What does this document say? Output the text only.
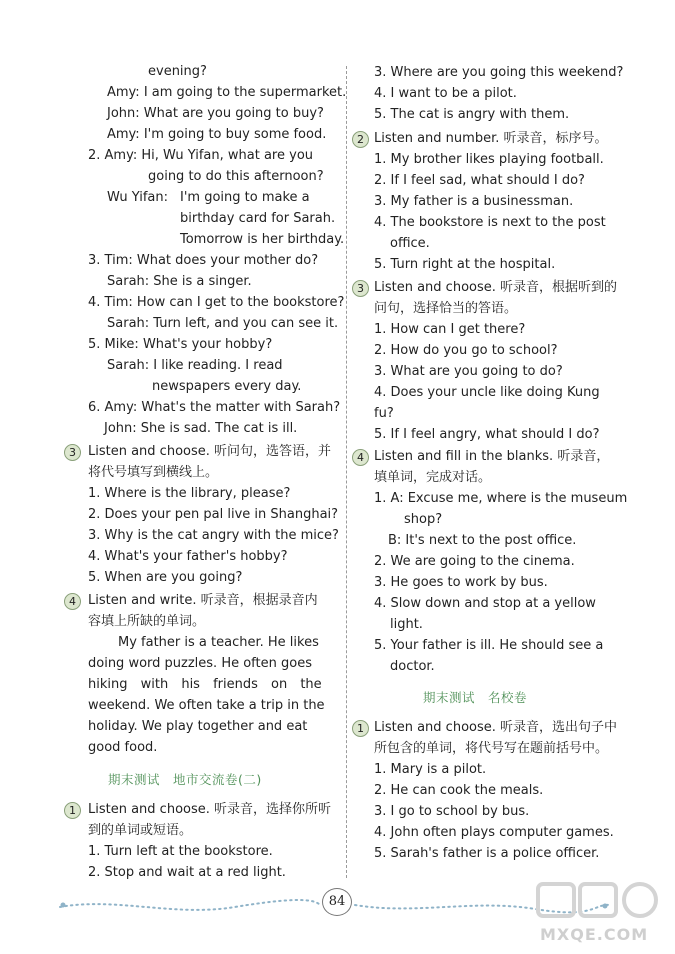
evening?
Amy: I am going to the supermarket.
John: What are you going to buy?
Amy: I'm going to buy some food.
2. Amy: Hi, Wu Yifan, what are you
going to do this afternoon?
Wu Yifan: I'm going to make a
birthday card for Sarah.
Tomorrow is her birthday.
3. Tim: What does your mother do?
Sarah: She is a singer.
4. Tim: How can I get to the bookstore?
Sarah: Turn left, and you can see it.
5. Mike: What's your hobby?
Sarah: I like reading. I read
newspapers every day.
6. Amy: What's the matter with Sarah?
John: She is sad. The cat is ill.
3 Listen and choose. 听问句，选答语，并
将代号填写到横线上。
1. Where is the library, please?
2. Does your pen pal live in Shanghai?
3. Why is the cat angry with the mice?
4. What's your father's hobby?
5. When are you going?
4 Listen and write. 听录音，根据录音内
容填上所缺的单词。
My father is a teacher. He likes
doing word puzzles. He often goes
hiking with his friends on the
weekend. We often take a trip in the
holiday. We play together and eat
good food.
期末测试　地市交流卷(二)
1 Listen and choose. 听录音，选择你所听
到的单词或短语。
1. Turn left at the bookstore.
2. Stop and wait at a red light.
3. Where are you going this weekend?
4. I want to be a pilot.
5. The cat is angry with them.
2 Listen and number. 听录音，标序号。
1. My brother likes playing football.
2. If I feel sad, what should I do?
3. My father is a businessman.
4. The bookstore is next to the post
office.
5. Turn right at the hospital.
3 Listen and choose. 听录音，根据听到的
问句，选择恰当的答语。
1. How can I get there?
2. How do you go to school?
3. What are you going to do?
4. Does your uncle like doing Kung
fu?
5. If I feel angry, what should I do?
4 Listen and fill in the blanks. 听录音，
填单词，完成对话。
1. A: Excuse me, where is the museum
shop?
B: It's next to the post office.
2. We are going to the cinema.
3. He goes to work by bus.
4. Slow down and stop at a yellow
light.
5. Your father is ill. He should see a
doctor.
期末测试　名校卷
1 Listen and choose. 听录音，选出句子中
所包含的单词，将代号写在题前括号中。
1. Mary is a pilot.
2. He can cook the meals.
3. I go to school by bus.
4. John often plays computer games.
5. Sarah's father is a police officer.
84
MXQE.COM
